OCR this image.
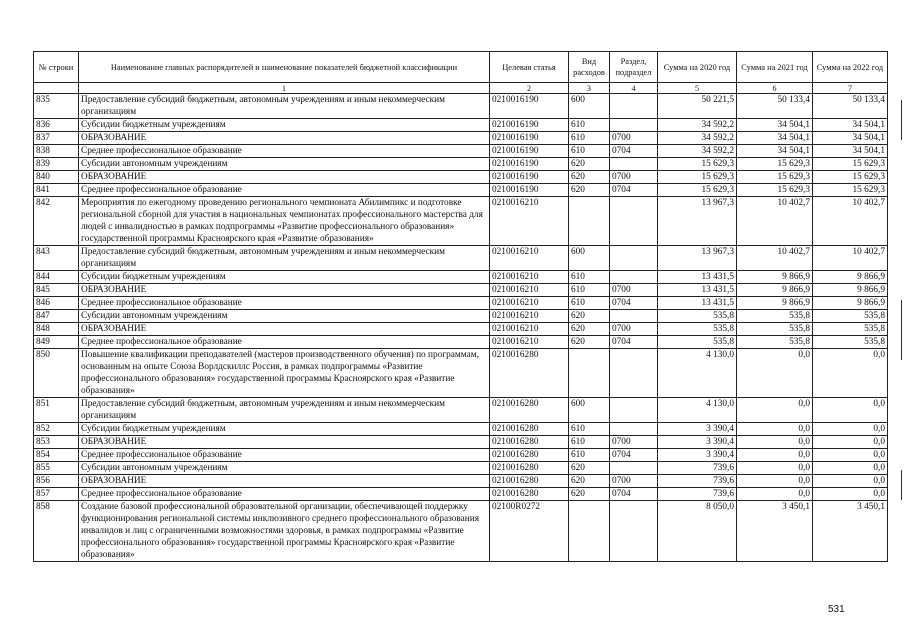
№ строки	Наименование главных распорядителей и наименование показателей бюджетной классификации	Целевая статья	Вид расходов	Раздел, подраздел	Сумма на 2020 год	Сумма на 2021 год	Сумма на 2022 год
	1	2	3	4	5	6	7
835	Предоставление субсидий бюджетным, автономным учреждениям и иным некоммерческим организациям	0210016190	600		50 221,5	50 133,4	50 133,4
836	Субсидии бюджетным учреждениям	0210016190	610		34 592,2	34 504,1	34 504,1
837	ОБРАЗОВАНИЕ	0210016190	610	0700	34 592,2	34 504,1	34 504,1
838	Среднее профессиональное образование	0210016190	610	0704	34 592,2	34 504,1	34 504,1
839	Субсидии автономным учреждениям	0210016190	620		15 629,3	15 629,3	15 629,3
840	ОБРАЗОВАНИЕ	0210016190	620	0700	15 629,3	15 629,3	15 629,3
841	Среднее профессиональное образование	0210016190	620	0704	15 629,3	15 629,3	15 629,3
842	Мероприятия по ежегодному проведению регионального чемпионата Абилимпикс и подготовке региональной сборной для участия в национальных чемпионатах профессионального мастерства для людей с инвалидностью в рамках подпрограммы «Развитие профессионального образования» государственной программы Красноярского края «Развитие образования»	0210016210			13 967,3	10 402,7	10 402,7
843	Предоставление субсидий бюджетным, автономным учреждениям и иным некоммерческим организациям	0210016210	600		13 967,3	10 402,7	10 402,7
844	Субсидии бюджетным учреждениям	0210016210	610		13 431,5	9 866,9	9 866,9
845	ОБРАЗОВАНИЕ	0210016210	610	0700	13 431,5	9 866,9	9 866,9
846	Среднее профессиональное образование	0210016210	610	0704	13 431,5	9 866,9	9 866,9
847	Субсидии автономным учреждениям	0210016210	620		535,8	535,8	535,8
848	ОБРАЗОВАНИЕ	0210016210	620	0700	535,8	535,8	535,8
849	Среднее профессиональное образование	0210016210	620	0704	535,8	535,8	535,8
850	Повышение квалификации преподавателей (мастеров производственного обучения) по программам, основанным на опыте Союза Ворлдскиллс Россия, в рамках подпрограммы «Развитие профессионального образования» государственной программы Красноярского края «Развитие образования»	0210016280			4 130,0	0,0	0,0
851	Предоставление субсидий бюджетным, автономным учреждениям и иным некоммерческим организациям	0210016280	600		4 130,0	0,0	0,0
852	Субсидии бюджетным учреждениям	0210016280	610		3 390,4	0,0	0,0
853	ОБРАЗОВАНИЕ	0210016280	610	0700	3 390,4	0,0	0,0
854	Среднее профессиональное образование	0210016280	610	0704	3 390,4	0,0	0,0
855	Субсидии автономным учреждениям	0210016280	620		739,6	0,0	0,0
856	ОБРАЗОВАНИЕ	0210016280	620	0700	739,6	0,0	0,0
857	Среднее профессиональное образование	0210016280	620	0704	739,6	0,0	0,0
858	Создание базовой профессиональной образовательной организации, обеспечивающей поддержку функционирования региональной системы инклюзивного среднего профессионального образования инвалидов и лиц с ограниченными возможностями здоровья, в рамках подпрограммы «Развитие профессионального образования» государственной программы Красноярского края «Развитие образования»	02100R0272			8 050,0	3 450,1	3 450,1
531
